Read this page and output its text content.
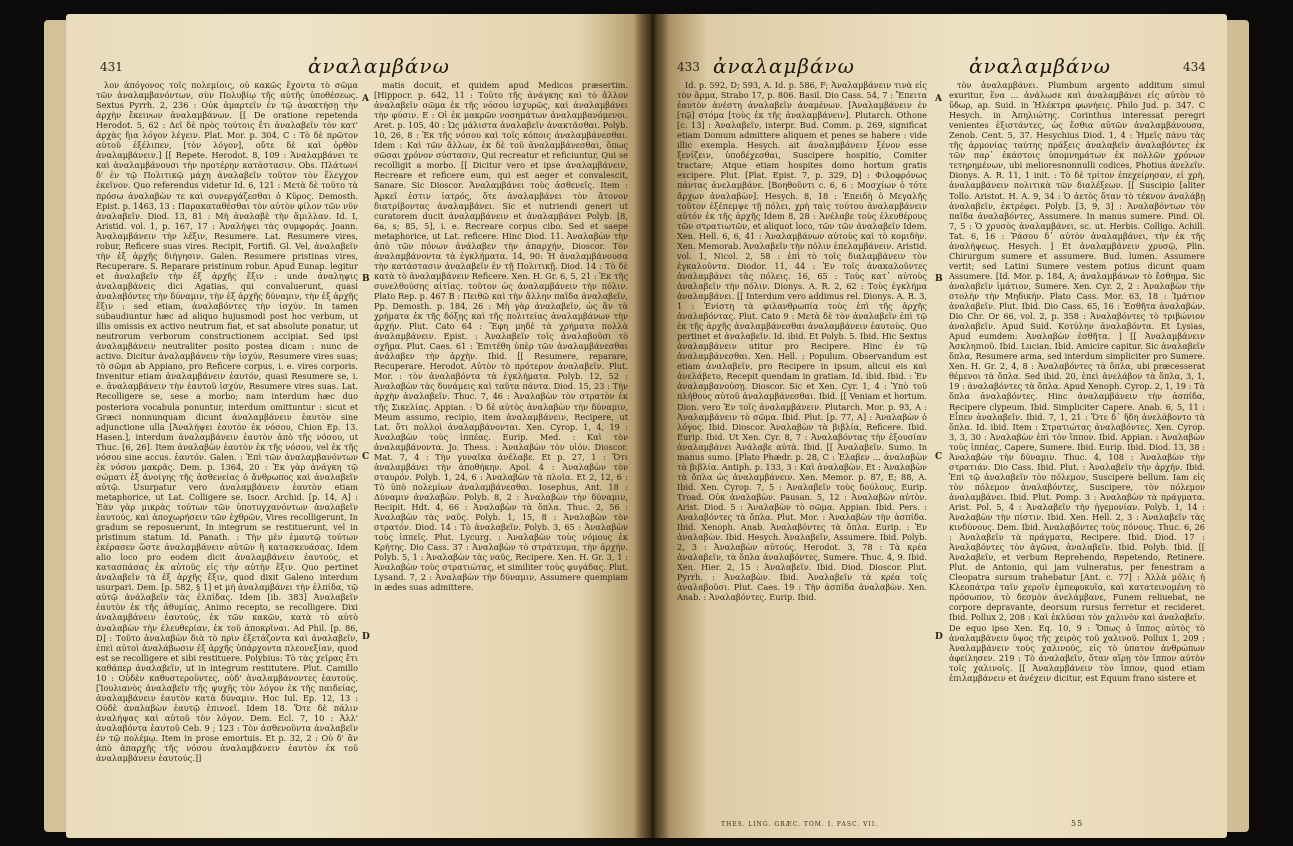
431	ἀναλαμβάνω

λον ἀπόγονος τοῖς πολεμίοις, οὐ κακῶς ἔχοντα τὸ σῶμα τῶν ἀναλαμβανόντων, σὺν Πολυβίῳ τῆς αὐτῆς ὑποθέσεως. Sextus Pyrrh. 2, 236 : Οὐκ ἀμαρτεῖν ἐν τῷ ἀνακτήσῃ τὴν ἀρχὴν ἔκεινων ἀναλαμβάνων. [[ De oratione repetenda Herodot. 5, 62 : Δεῖ δὲ πρὸς τούτοις ἔτι ἀναλαβεῖν τὸν κατ' ἀρχὰς ἤια λόγον λέγειν. Plat. Mor. p. 304, C : Τὸ δὲ πρῶτον αὐτοῦ ἐξέλιπεν, [τὸν λόγον], οὔτε δὲ καὶ ὀρθὸν ἀναλαμβάνειν.] [[ Repete. Herodot. 8, 109 : Ἀναλαμβάνει τε καὶ ἀναλαμβάνουσι τὴν προτέρην κατάστασιν. Obs. Πλάτωνί δ' ἐν τῷ Πολιτικῷ μάχη ἀναλαβεῖν τοῦτον τὸν ἔλεγχον ἐκεῖνον. Quo referendus videtur Id. 6, 121 : Μετὰ δὲ τοῦτο τὰ πρόσω ἀναλαβὼν τε καὶ συνεργάζεσθαι ὁ Κῦρος. Demosth. Epist. p. 1463, 13 : Παρακαταθέσθαι τὸν αὐτὸν φίλον τῶν νῦν ἀναλαβεῖν. Diod. 13, 81 : Μὴ ἀναλαβὲ τὴν ἄμιλλαν. Id. I, Aristid. vol. 1, p. 167, 17 : Ἀναλήψει τὰς συμφοράς. Joann. Ἀναλαμβάνειν τὴν λέξιν, Resumere. Lat. Resumere vires, robur, Reficere suas vires. Recipit, Fortifi. Gl. Vel, ἀναλαβεῖν τὴν ἐξ ἀρχῆς διήγησιν. Galen. Resumere pristinas vires, Recuperare. S. Reparare pristinum robur. Apud Eunap. legitur et ἀναλαβεῖν τὴν ἐξ ἀρχῆς ἕξιν : unde ἀναληψις ἀναλαμβάνεις dici Agatias, qui convaluerunt, quasi ἀναλαβόντες τὴν δύναμιν, τὴν ἐξ ἀρχῆς δύναμιν, τὴν ἐξ ἀρχῆς ἕξιν : sed etiam, ἀναλαβόντες τὴν ἰσχύν. In tamen subaudiuntur hæc ad aliquo hujusmodi post hoc verbum, ut illis omissis ex activo neutrum fiat, et sat absolute ponatur, ut neutrorum verborum constructionem accipiat. Sed ipsi ἀναλαμβάνειν neutraliter posito postea dicam : nunc de activo. Dicitur ἀναλαμβάνειν τὴν ἰσχύν, Resumere vires suas; τὸ σῶμα ab Appiano, pro Reficere corpus, i. e. vires corporis. Invenitur etiam ἀναλαμβάνειν ἑαυτόν, quasi Resumere se, i. e. ἀναλαμβάνειν τὴν ἑαυτοῦ ἰσχύν, Resumere vires suas. Lat. Recolligere se, sese a morbo; nam interdum hæc duo posteriora vocabula ponuntur, interdum omittuntur : sicut et Græci nonnunquam dicunt ἀναλαμβάνειν ἑαυτὸν sine adjunctione ulla [Ἀναλήψει ἑαυτὸν ἐκ νόσου, Chion Ep. 13. Hasen.], interdum ἀναλαμβάνειν ἑαυτὸν ἀπὸ τῆς νόσου, ut Thuc. [6, 26]. Item ἀναλαβὼν ἑαυτὸν ἐκ τῆς νόσου, vel ἐκ τῆς νόσου sine accus. ἑαυτόν. Galen. : Ἐπὶ τῶν ἀναλαμβανόντων ἐκ νόσου μακρᾶς. Dem. p. 1364, 20 : Ἐκ γὰρ ἀνάγκη τῷ σώματι ἐξ ἀνοίγης τῆς ἀσθενείας ὁ ἄνθρωπος καὶ ἀναλαβεῖν αὐτῷ. Usurpatur vero ἀναλαμβάνειν ἑαυτὸν etiam metaphorice, ut Lat. Colligere se. Isocr. Archid. [p. 14, A] : Ἐὰν γὰρ μικρὰς τούτων τῶν ὑποτυγχανόντων ἀναλαβεῖν ἑαυτούς, καὶ ἀποχωρήσειν τῶν ἐχθρῶν, Vires recolligerunt, In gradum se reposuerunt, In integrum se restituerunt, vel in pristinum statum. Id. Panath. : Τὴν μὲν ἑμαυτῷ τούτων ἐκέρασεν ὥστε ἀναλαμβάνειν αὐτῶν ἢ κατασκευάσας. Idem alio loco pro eodem dicit ἀναλαμβάνειν ἑαυτούς, et κατασπάσας ἐκ αὐτοῦς εἰς τὴν αὐτὴν ἕξιν. Quo pertinet ἀναλαβεῖν τὰ ἐξ ἀρχῆς ἕξιν, quod dixit Galeno interdum usurpari. Dem. [p. 582, § 1] et μὴ ἀναλαμβάνει τὴν ἐλπίδα, τῷ αὐτῷ ἀνάλαβεῖν τὰς ἐλπίδας. Idem [ib. 383] Ἀναλαβεῖν ἑαυτὸν ἐκ τῆς ἀθυμίας, Animo recepto, se recolligere. Dixi ἀναλαμβάνειν ἑαυτούς, ἐκ τῶν κακῶν, κατὰ τὸ αὐτὸ ἀναλαβὼν τὴν ἐλευθερίαν, ἐκ τοῦ ἀποκρῖναι. Ad Phil. [p. 86, D] : Τοῦτο ἀναλαβὼν διὰ τὸ πρὶν ἐξετάζοντα καὶ ἀναλαβεῖν, ἐπεὶ αὐτοὶ ἀναλάβωσιν ἐξ ἀρχῆς ὑπάρχοντα πλεονεξίαν, quod est se recolligere et sibi restituere. Polybius: Τὸ τὰς χεῖρας ἔτι καθάπερ ἀναλαβεῖν, ut in integrum restitutere. Plut. Camillo 10 : Οὐδὲν καθυστεροῦντες, οὐδ' ἀναλαμβάνοντες ἑαυτούς. [Ἰουλιανὸς ἀναλαβεῖν τῆς ψυχῆς τὸν λόγον ἐκ τῆς παιδείας, ἀναλαμβάνειν ἑαυτὸν κατὰ δύναμιν. Hoc Iul. Ep. 12, 13 : Οὐδὲ ἀναλαβὼν ἑαυτῷ ἐπινοεῖ. Idem 18. Ὅτε δὲ πάλιν ἀναλήψας καὶ αὐτοῦ τὸν λόγον. Dem. Ecl. 7, 10 : Ἀλλ' ἀναλαβόντα ἑαυτοῦ Ceb. 9 ; 123 : Τὸν ἀσθενοῦντα ἀναλαβεῖν ἐν τῷ πολέμῳ. Item in prose emortuis. Et p. 32, 2 : Οὐ δ' ἂν ἀπὸ ἀπαρχῆς τῆς νόσου ἀναλαμβάνειν ἑαυτὸν ἐκ τοῦ ἀναλαμβάνειν ἑαυτούς.]]

matis docuit, et quidem apud Medicos præsertim. [Hippocr. p. 642, 11 : Τοῦτο τῆς ἀνάγκης καὶ τὸ ἄλλον ἀναλαβεῖν σῶμα ἐκ τῆς νόσου ἰσχυρῶς, καὶ ἀναλαμβάνει τὴν φύσιν. Ε : Οἱ ἐκ μακρῶν νοσημάτων ἀναλαμβανόμενοι. Aret. p. 105, 40 : Ὡς μάλιστα ἀναλαβεῖν ἀνακτᾶσθαι. Polyb. 10, 26, 8 : Ἐκ τῆς νόσου καὶ τοῖς κόποις ἀναλαμβάνεσθαι. Idem : Καὶ τῶν ἄλλων, ἐκ δὲ τοῦ ἀναλαμβάνεσθαι, ὅπως σῶσαι χρόνον σύστασιν, Qui recreatur et reficiuntur, Qui se recolligit a morbo. [[ Dicitur vero et ipse ἀναλαμβάνειν, Recreare et reficere eum, qui est aeger et convalescit, Sanare. Sic Dioscor. Ἀναλαμβάνει τοὺς ἀσθενεῖς. Item : Ἀρκεῖ ἐστιν ἰατρός, ὅτε ἀναλαμβάνει τὸν ἄτονον διατρίβοντας ἀναλαμβάνει. Sic et nutriendi generi ut curatorem ducit ἀναλαμβάνειν et ἀναλαμβάνει Polyb. [8, 6a, s; 85, 5], i. e. Recreare corpus cibo. Sed et saepe metaphorice, ut Lat. reficere. Hinc Diod. 11. Ἀναλαβὼν τὴν ἀπὸ τῶν πόνων ἀνάλαβεν τὴν ἀπαρχήν, Dioscor. Τὸν ἀναλαμβάνοντα τὰ ἐγκλήματα. 14, 90: Ἡ ἀναλαμβάνουσα τὴν κατάστασιν ἀναλαβεῖν ἐν τῇ Πολιτικῇ. Diod. 14 : Τὸ δὲ κατὰ τὸ ἀναλαμβάνειν Reficere. Xen. H. Gr. 6, 5, 21 : Ἐκ τῆς συνελθούσης αἰτίας. τοῦτον ὡς ἀναλαμβάνειν τὴν πόλιν. Plato Rep. p. 467 B : Πειθῶ καὶ τὴν ἄλλην παῖδα ἀναλαβεῖν, Pp. Demosth. p. 184, 26 : Μὴ γὰρ ἀναλαβεῖν, ὡς ἂν τὰ χρήματα ἐκ τῆς δόξης καὶ τῆς πολιτείας ἀναλαμβάνων τὴν ἀρχήν. Plut. Cato 64 : Ἔφη μηδὲ τὰ χρήματα πολλὰ ἀναλαμβάνειν. Epist. : Ἀναλαβεῖν τοῖς ἀναλαβοῦσι τὸ σχῆμα. Plut. Caes. 61 : Ἐπιτέθη ὑπὲρ τῶν ἀναλαμβάνεσθαι ἀνάλαβεν τὴν ἀρχὴν. Ibid. [[ Resumere, reparare, Recuperare. Herodot. Αὐτὸν τὸ πρότερον ἀναλαβεῖν. Plut. Mor. : τὸν ἀναλαβόντα τὰ ἐγκλήματα. Polyb. 12, 52 : Ἀναλαβὼν τὰς δυνάμεις καὶ ταῦτα πάντα. Diod. 15, 23 : Τὴν ἀρχὴν ἀναλαβεῖν. Thuc. 7, 46 : Ἀναλαβὼν τὸν στρατὸν ἐκ τῆς Σικελίας. Appian. : Ὁ δὲ αὐτὸς ἀναλαβὼν τὴν δύναμιν, Meum assumo, recipio, item ἀναλαμβάνειν, Recipere, ut Lat. ὅτι πολλοὶ ἀναλαμβάνονται. Xen. Cyrop. 1, 4, 19 : Ἀναλαβὼν τοὺς ἱππέας. Eurip. Med. : Καὶ τὸν ἀναλαμβάνοντα. Jo. Thess. : Ἀναλαβὼν τὸν υἱόν. Dioscor. Mat. 7, 4 : Τὴν γυναῖκα ἀνέλαβε. Et p. 27, 1 : Ὅτι ἀναλαμβάνει τὴν ἀποθήκην. Apol. 4 : Ἀναλαβὼν τὸν σταυρόν. Polyb. 1, 24, 6 : Ἀναλαβὼν τὰ πλοῖα. Et 2, 12, 6 : Τὸ ὑπὸ πολεμίων ἀναλαμβάνεσθαι. Iosephus, Ant. 18 : Δύναμιν ἀναλαβὼν. Polyb. 8, 2 : Ἀναλαβὼν τὴν δύναμιν, Recipit. Hdt. 4, 66 : Ἀναλαβὼν τὰ ὅπλα. Thuc. 2, 56 : Ἀναλαβὼν τὰς ναῦς. Polyb. 1, 15, 8 : Ἀναλαβὼν τὸν στρατόν. Diod. 14 : Τὸ ἀναλαβεῖν. Polyb. 3, 65 : Ἀναλαβὼν τοὺς ἱππεῖς. Plut. Lycurg. : Ἀναλαβὼν τοὺς νόμους ἐκ Κρήτης. Dio Cass. 37 : Ἀναλαβὼν τὸ στράτευμα, τὴν ἀρχήν. Polyb. 5, 1 : Ἀναλαβὼν τὰς ναῦς, Recipere. Xen. H. Gr. 3, 1 : Ἀναλαβὼν τοὺς στρατιώτας, et similiter τοὺς φυγάδας. Plut. Lysand. 7, 2 : Ἀναλαβὼν τὴν δύναμιν, Assumere quempiam in ædes suas admittere.

A
B
C
D
433 ἀναλαμβάνω	ἀναλαμβάνω	434

Id. p. 592, D; 593, A. Id. p. 586, F; Ἀναλαμβάνειν τινὰ εἰς τὸν ἅρμα, Strabo 17, p. 806. Basil. Dio Cass. 54, 7 : Ἔπειτα ἑαυτὸν ἀνέστη ἀναλαβεῖν ἀναμένων. [Ἀναλαμβάνειν ἐν [τῷ] στόμα [τοὺς ἐκ τῆς ἀναλαμβάνειν]. Plutarch. Othone [c. 13] : Ἀναλαβεῖν, interpr. Bud. Comm. p. 269, significat etiam Domum admittere aliquem et penes se habere : vide illic exempla. Hesych. ait ἀναλαμβάνειν ξένον esse ξενίζειν, ὑποδέχεσθαι, Suscipere hospitio, Comiter tractare; Atque etiam hospites domo hortum gratis excipere. Plut. [Plat. Epist. 7, p. 329, D] : Φιλοφρόνως πάντας ἀνελαμβάνε. [Βοηθοῦντι c. 6, 6 : Μοσχίων ὁ τότε ἄρχων ἀναλαβὼν]. Hesych. 8, 18 : Ἐπειδὴ ὁ Μεγαλῆς τοῦτον ἐξέπεμψε τῇ πόλει, χρὴ ταὶς τούτου ἀναλαμβάνειν αὐτόν ἐκ τῆς ἀρχῆς Idem 8, 28 : Ἀνέλαβε τοὺς ἐλευθέρους τῶν στρατιωτῶν, et aliquot loco, τῶν τῶν ἀναλαβεῖν Idem. Xen. Hell. 6, 6, 41 : Ἀναλαμβάνων αὐτοὺς καὶ τὸ κομιδὴν. Xen. Memorab. Ἀναλαβεῖν τὴν πόλιν ἐπελαμβάνειν. Aristid. vol. 1, Nicol. 2, 58 : ἐπὶ τὸ τοῖς διαλαμβάνειν τὸν ἐγκαλοῦντα. Diodor. 11, 44 : Ἐν τοῖς ἀνακαλοῦντες ἀναλαμβάνει τὰς πόλεις. 16, 65 : Τοὺς κατ᾽ αὐτοὺς ἀναλαβεῖν τὴν πόλιν. Dionys. A. R. 2, 62 : Τοὺς ἐγκλήμα ἀναλαμβάνει. [[ Interdum vero addimus rel. Dionys. A. R. 3, 1 : Ἐνίστη τὰ φιλανθρωπία τοὺς ἐπὶ τῆς ἀρχῆς ἀναλαβόντας. Plut. Cato 9 : Μετὰ δὲ τὸν ἀναλαβεῖν ἐπὶ τῷ ἐκ τῆς ἀρχῆς ἀναλαμβάνεσθαι ἀναλαμβάνειν ἑαυτοὺς. Quo pertinet et ἀναλαβεῖν. Id. ibid. Et Polyb. 5. Ibid. Hic Sextus ἀναλαμβάνειν utitur pro Recipere. Hinc ἐν τῷ ἀναλαμβάνεσθαι. Xen. Hell. : Populum. Observandum est etiam ἀναλαβεῖν, pro Recipere in ipsum, alicui eis καὶ ἀνελάβετο, Recepit quendam in gratiam. Id. ibid. Ibid. : Ἐν ἀναλαμβανούσῃ. Dioscor. Sic et Xen. Cyr. 1, 4 : Ὑπὸ τοῦ πλήθους αὐτοῦ ἀναλαμβάνεσθαι. Ibid. [[ Veniam et hortum. Dion. vero Ἐν τοῖς ἀναλαμβάνειν. Plutarch. Mor. p. 93, A : Ἀναλαμβάνειν τὸ σῶμα. Ibid. Plut. [p. 77, A] : Ἀναλαβὼν ὁ λόγος. Ibid. Dioscor. Ἀναλαβὼν τὰ βιβλία, Reficere. Ibid. Eurip. Ibid. Ut Xen. Cyr. 8, 7 : Ἀναλαβόντας τὴν ἐξουσίαν ἀναλαμβάνει Ἀνάλαβε αὐτὰ. Ibid. [[ Ἀναλαβεῖν. Sumo. In manus sumo. [Plato Phædr. p. 28, C : Ἐλαβεν ... ἀναλαβὼν τὰ βιβλία. Antiph. p. 133, 3 : Καὶ ἀναλαβὼν. Et : Ἀναλαβὼν τὰ ὅπλα ὡς ἀναλαμβάνειν. Xen. Memor. p. 87, E; 88, A. Ibid. Xen. Cyrop. 7, 5 : Ἀναλαβεῖν τοὺς δούλους. Eurip. Troad. Οὐκ ἀναλαβὼν. Pausan. 5, 12 : Ἀναλαβὼν αὐτὸν. Arist. Diod. 5 : Ἀναλαβὼν τὸ σῶμα. Appian. Ibid. Pers. : Αναλαβόντες τὰ ὅπλα. Plut. Mor. : Ἀναλαβὼν τὴν ἀσπίδα. Ibid. Xenoph. Anab. Ἀναλαβόντες τὰ ὅπλα. Eurip. : Ἐν ἀναλαβὼν. Ibid. Hesych. Ἀναλαβεῖν, Assumere. Ibid. Polyb. 2, 3 : Ἀναλαβὼν αὐτούς. Herodot. 3, 78 : Τὰ κρέα ἀναλαβεῖν, τὰ ὅπλα ἀναλαβόντες, Sumere. Thuc. 4, 9. Ibid. Xen. Hier. 2, 15 : Ἀναλαβεῖν. Ibid. Diod. Dioscor. Plut. Pyrrh. : Ἀναλαβὼν. Ibid. Ἀναλαβεῖν τὰ κρέα τοῖς ἀναλαβοῦσι. Plut. Caes. 19 : Τὴν ἀσπίδα ἀναλαβὼν. Xen. Anab. : Ἀναλαβόντες. Eurip. Ibid.

τὸν ἀναλαμβάνει. Plumbum argento additum simul exuritur, ἕνα ... ἀνάλωσε καὶ ἀναλαμβάνει εἰς αὐτὸν τὸ ὕδωρ, ap. Suid. in Ἠλέκτρα φωνήεις. Philo Jud. p. 347. C Hesych. in Ἀπηλιώτης. Corinthus interessat peregri venientes ἐξιστάντες, ὡς ἔσθια αὐτῶν ἀναλαμβάνουσα, Zenob. Cent. 5, 37. Hesychius Diod. 1, 4 : Ἡμεῖς πάνυ τὰς τῆς ἀρμονίας ταύτης πράξεις ἀναλαβεῖν ἀναλαβόντες ἐκ τῶν παρ᾽ ἑκάστοις ὑπομνημάτων ἐκ πολλῶν χρόνων τετηρημένων, ubi melioresnonnulli codices, Photius ἀνελεῖν. Dionys. A. R. 11, 1 init. : Τὸ δὲ τρίτον ἐπεχείρησαν, εἰ χρὴ, ἀναλαμβάνειν πολιτικὰ τῶν διαλέξεων. [[ Suscipio [aliter Tollo. Aristot. H. A. 9, 34 : Ὁ ἀετὸς ὅταν τὸ τέκνον ἀναλάβῃ ἀναλαβεῖν, ἐκτρέφει. Polyb. [3, 9, 3] : Ἀναλαβόντων τὸν παῖδα ἀναλαβόντες, Assumere. In manus sumere. Pind. Ol. 7, 5 : Ὁ χρυσὸς ἀναλαμβάνει, sc. ut. Herbis. Colligo. Achill. Tat. 6, 16 : Ῥάσου δ᾽ αὐτὸν ἀναλαμβάνει, τὴν ἐκ τῆς ἀναλήψεως. Hesych. ] Et ἀναλαμβάνειν χρυσῷ, Plin. Chirurgum sumere et assumere. Bud. lumen. Assumere vertit; sed Latini Sumere vestem potius dicunt quam Assumere. [Id. Mor. p. 184, A; ἀναλαμβάνων τὸ ἔσθημα. Sic ἀναλαβεῖν ἱμάτιον, Sumere. Xen. Cyr. 2, 2 : Ἀναλαβὼν τὴν στολὴν τὴν Μηδικήν. Plato Cass. Mor. 63, 18 : Ἰμάτιον ἀναλαβεῖν. Plut. Ibid. Dio Cass. 65, 16 : Ἐσθῆτα ἀναλαβὼν. Dio Chr. Or 66, vol. 2, p. 358 : Ἀναλαβόντες τὸ τριβώνιον ἀναλαβεῖν. Apud Suid. Κοτύλην ἀναλαβόντα. Et Lysias, Apud eumdem: Ἀναλαβὼν ἐσθῆτα. ] [[ Ἀναλαμβάνειν Ἀσκληπιοῦ. Ibid. Lucian. Ibid. Amicire capitur. Sic ἀναλαβεῖν ὅπλα, Resumere arma, sed interdum simpliciter pro Sumere. Xen. H. Gr. 2, 4, 8 : Ἀναλαβόντες τὰ ὅπλα, ubi præcesserat θέμενοι τὰ ὅπλα. Sed ibid. 20, ἐπεὶ ἀνελάβον τὰ ὅπλα, 3, 1, 19 : ἀναλαβόντες τὰ ὅπλα. Apud Xenoph. Cyrop. 2, 1, 19 : Τὰ ὅπλα ἀναλαβόντες. Hinc ἀναλαμβάνειν τὴν ἀσπίδα, Recipere clypeum. Ibid. Simpliciter Capere. Anab. 6, 5, 11 : Εἶπεν ἀναλαβεῖν. Ibid. 7, 1, 21 : Ὅτε δ᾽ ἤδη ἀνελάβοντο τὰ ὅπλα. Id. ibid. Item : Στρατιώτας ἀναλαβόντες. Xen. Cyrop. 3, 3, 30 : Ἀναλαβὼν ἐπὶ τὸν ἵππον. Ibid. Appian. : Ἀναλαβὼν τοὺς ἱππέας, Capere, Sumere. Ibid. Eurip. Ibid. Diod. 13, 38 : Ἀναλαβὼν τὴν δύναμιν. Thuc. 4, 108 : Ἀναλαβὼν τὴν στρατιάν. Dio Cass. Ibid. Plut. : Ἀναλαβεῖν τὴν ἀρχήν. Ibid. Ἐπὶ τῷ ἀναλαβεῖν τὸν πόλεμον, Suscipere bellum. Iam εἰς τὸν πόλεμον ἀναλαβόντες, Suscipere, τὸν πόλεμον ἀναλαμβάνει. Ibid. Plut. Pomp. 3 : Ἀναλαβὼν τὰ πράγματα. Arist. Pol. 5, 4 : Ἀναλαβεῖν τὴν ἡγεμονίαν. Polyb. 1, 14 : Ἀναλαβὼν τὴν πίστιν. Ibid. Xen. Hell. 2, 3 : Ἀναλαβεῖν τὰς κινδύνους. Dem. Ibid. Ἀναλαβόντες τοὺς πόνους. Thuc. 6, 26 : Ἀναλαβεῖν τὰ πράγματα, Recipere. Ibid. Diod. 17 : Ἀναλαβόντες τὸν ἀγῶνα, ἀναλαβεῖν. Ibid. Polyb. Ibid. [[ Ἀναλαβεῖν, et verbum Reprehendo, Repetendo, Retinere. Plut. de Antonio, qui jam vulneratus, per fenestram a Cleopatra sursum trahebatur [Ant. c. 77] : Ἀλλὰ μόλις ἡ Κλεοπάτρα ταῖν χεροῖν ἐμπεφυκυῖα, καὶ κατατεινομένη τὸ πρόσωπον, τὸ δεσμὸν ἀνελάμβανε, Funem reliuebat, ne corpore depravante, deorsum rursus ferretur et recideret. Ibid. Pollux 2, 208 : Καὶ ἐκλύσαι τὸν χαλινὸν καὶ ἀναλαβεῖν. De equo ipso Xen. Eq. 10, 9 : Ὅπως ὁ ἵππος αὐτὸς τὸ ἀναλαμβάνειν ὕψος τῆς χειρὸς τοῦ χαλινοῦ. Pollux 1, 209 : Ἀναλαμβάνειν τοὺς χαλινούς, εἰς τὸ ὑπατον ἀνθρώπων ἀφείλησεν. 219 : Τὸ ἀναλαβεῖν, ὅταν αἴρῃ τὸν ἵππον αὐτὸν τοῖς χαλινοῖς. [[ Ἀναλαμβάνειν τὸν ἵππον, quod etiam ἐπιλαμβάνειν et ἀνέχειν dicitur, est Equum frano sistere et

A
B
C
D
THES. LING. GRÆC. TOM. I. FASC. VII.	55
